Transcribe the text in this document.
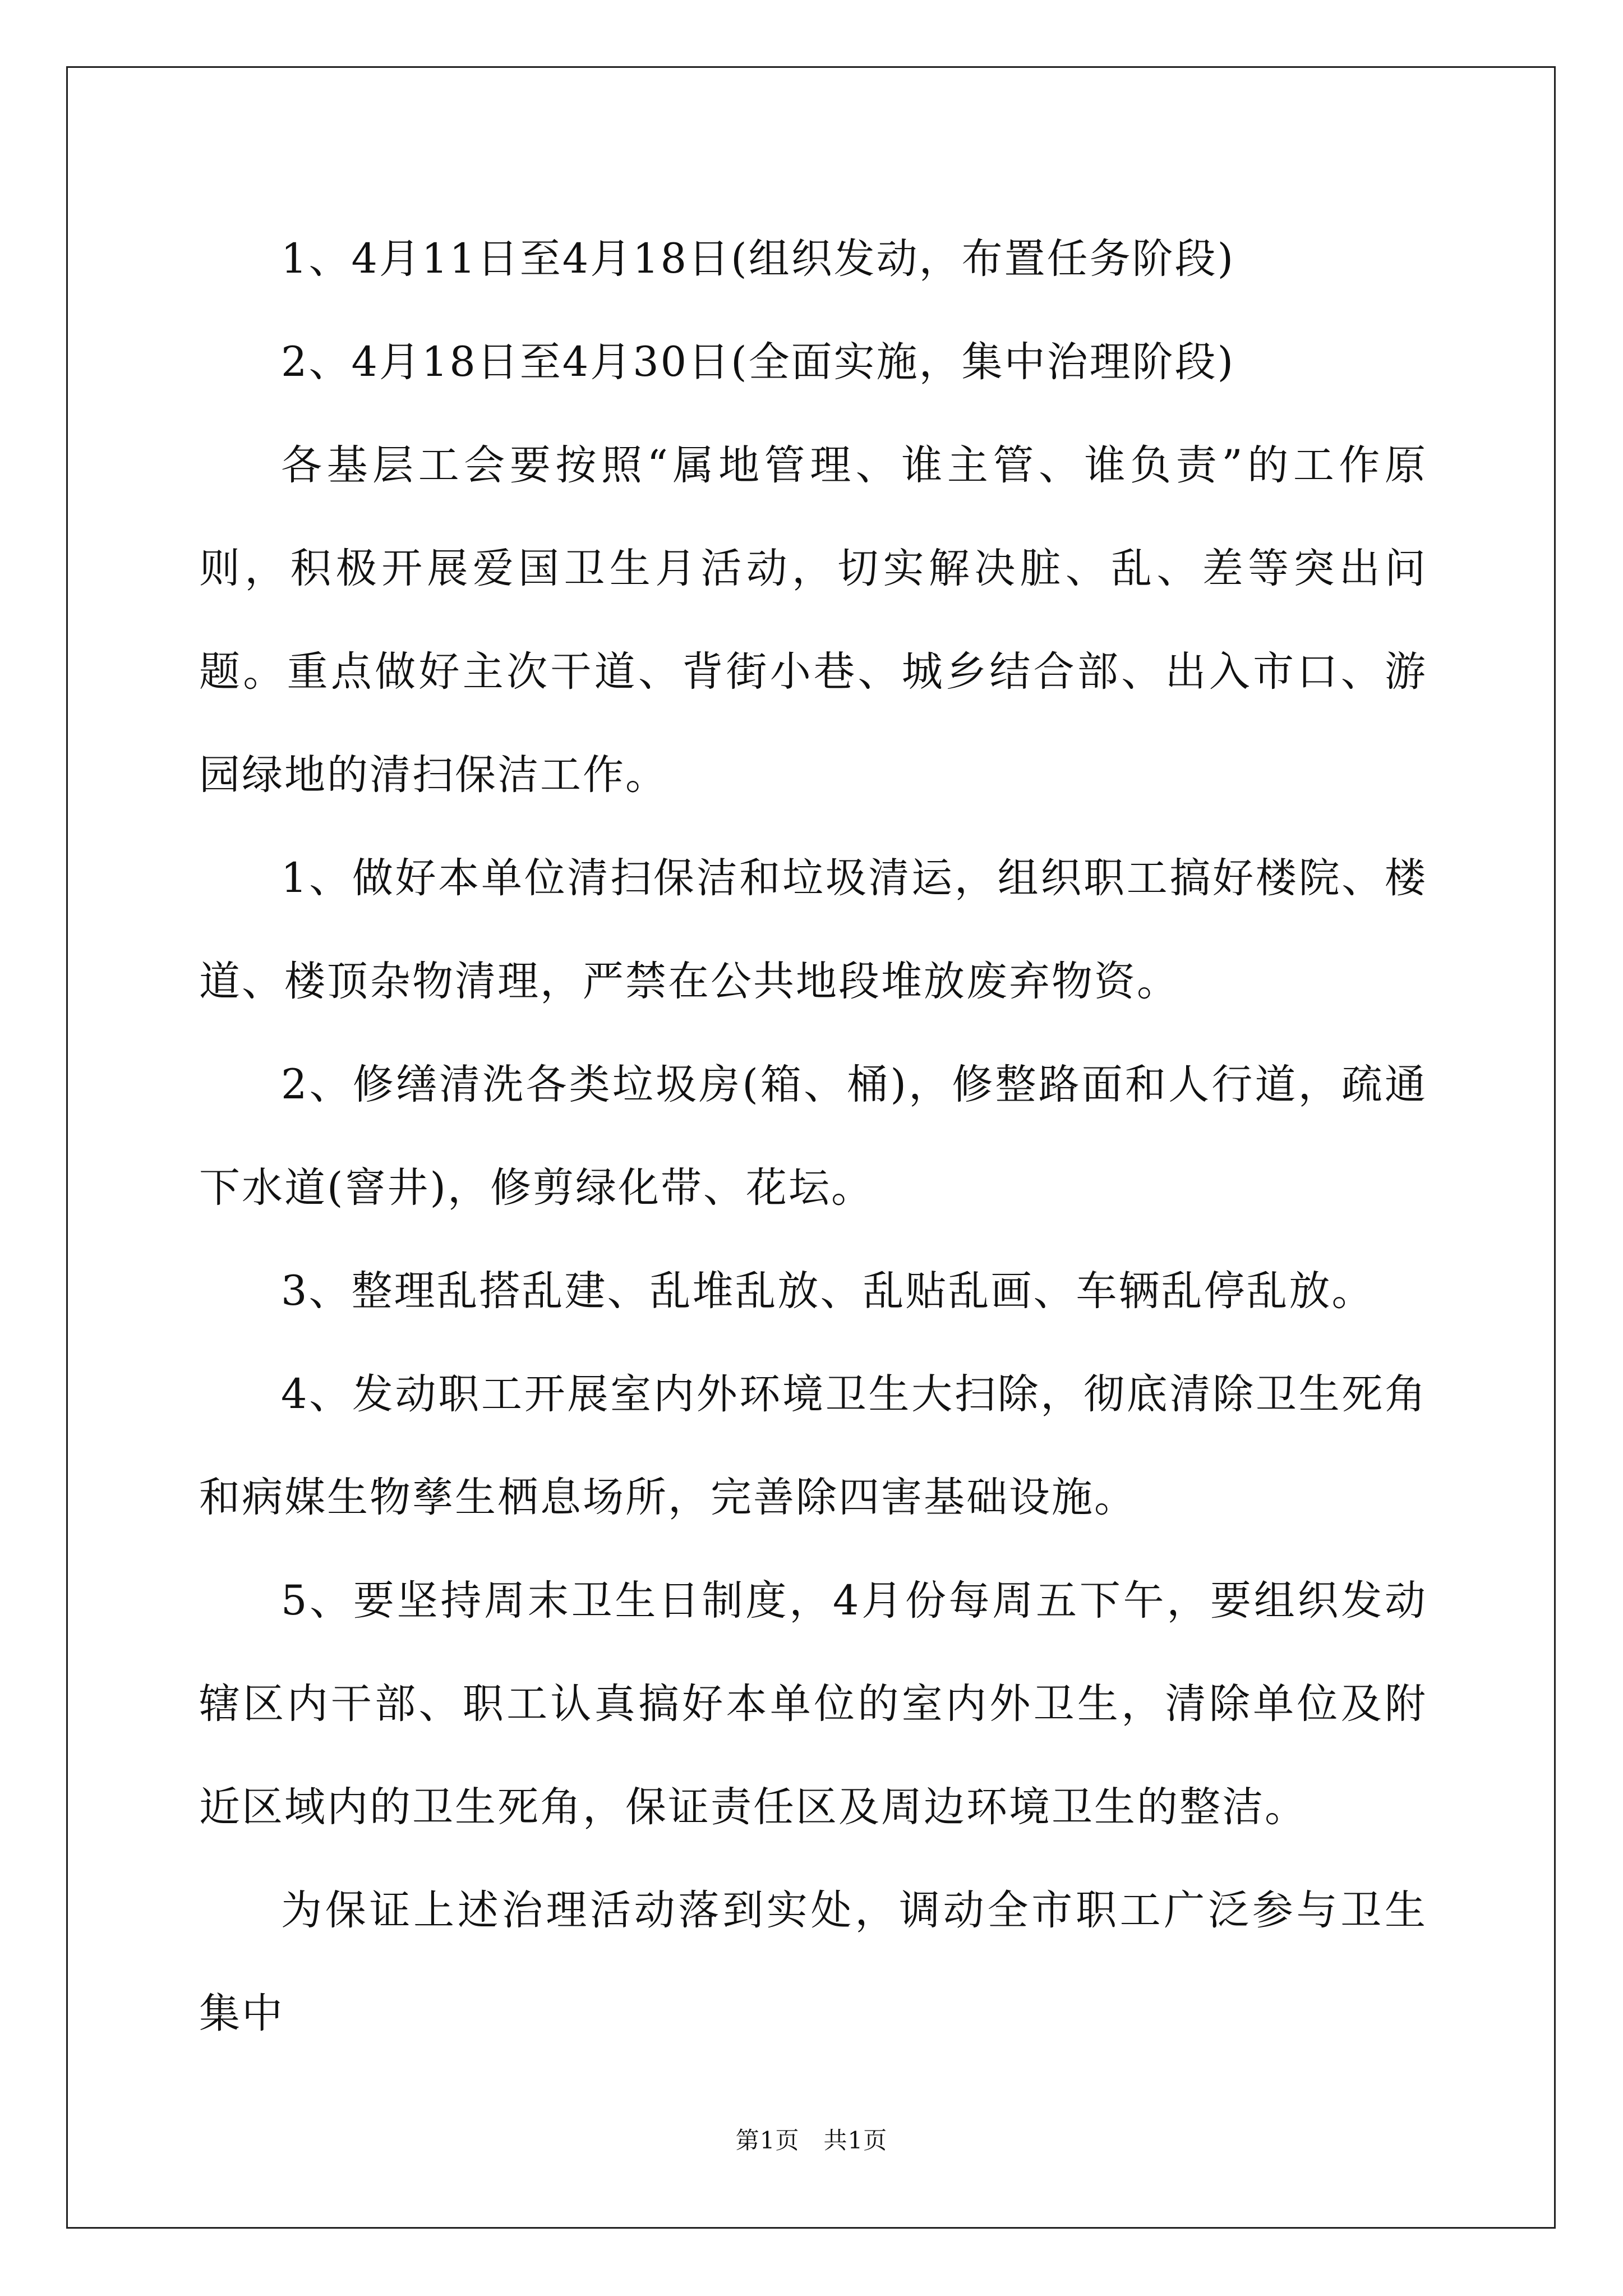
1、4月11日至4月18日(组织发动，布置任务阶段)

2、4月18日至4月30日(全面实施，集中治理阶段)

各基层工会要按照“属地管理、谁主管、谁负责”的工作原则，积极开展爱国卫生月活动，切实解决脏、乱、差等突出问题。重点做好主次干道、背街小巷、城乡结合部、出入市口、游园绿地的清扫保洁工作。

1、做好本单位清扫保洁和垃圾清运，组织职工搞好楼院、楼道、楼顶杂物清理，严禁在公共地段堆放废弃物资。

2、修缮清洗各类垃圾房(箱、桶)，修整路面和人行道，疏通下水道(窨井)，修剪绿化带、花坛。

3、整理乱搭乱建、乱堆乱放、乱贴乱画、车辆乱停乱放。

4、发动职工开展室内外环境卫生大扫除，彻底清除卫生死角和病媒生物孳生栖息场所，完善除四害基础设施。

5、要坚持周末卫生日制度，4月份每周五下午，要组织发动辖区内干部、职工认真搞好本单位的室内外卫生，清除单位及附近区域内的卫生死角，保证责任区及周边环境卫生的整洁。

为保证上述治理活动落到实处，调动全市职工广泛参与卫生集中

第1页　共1页
